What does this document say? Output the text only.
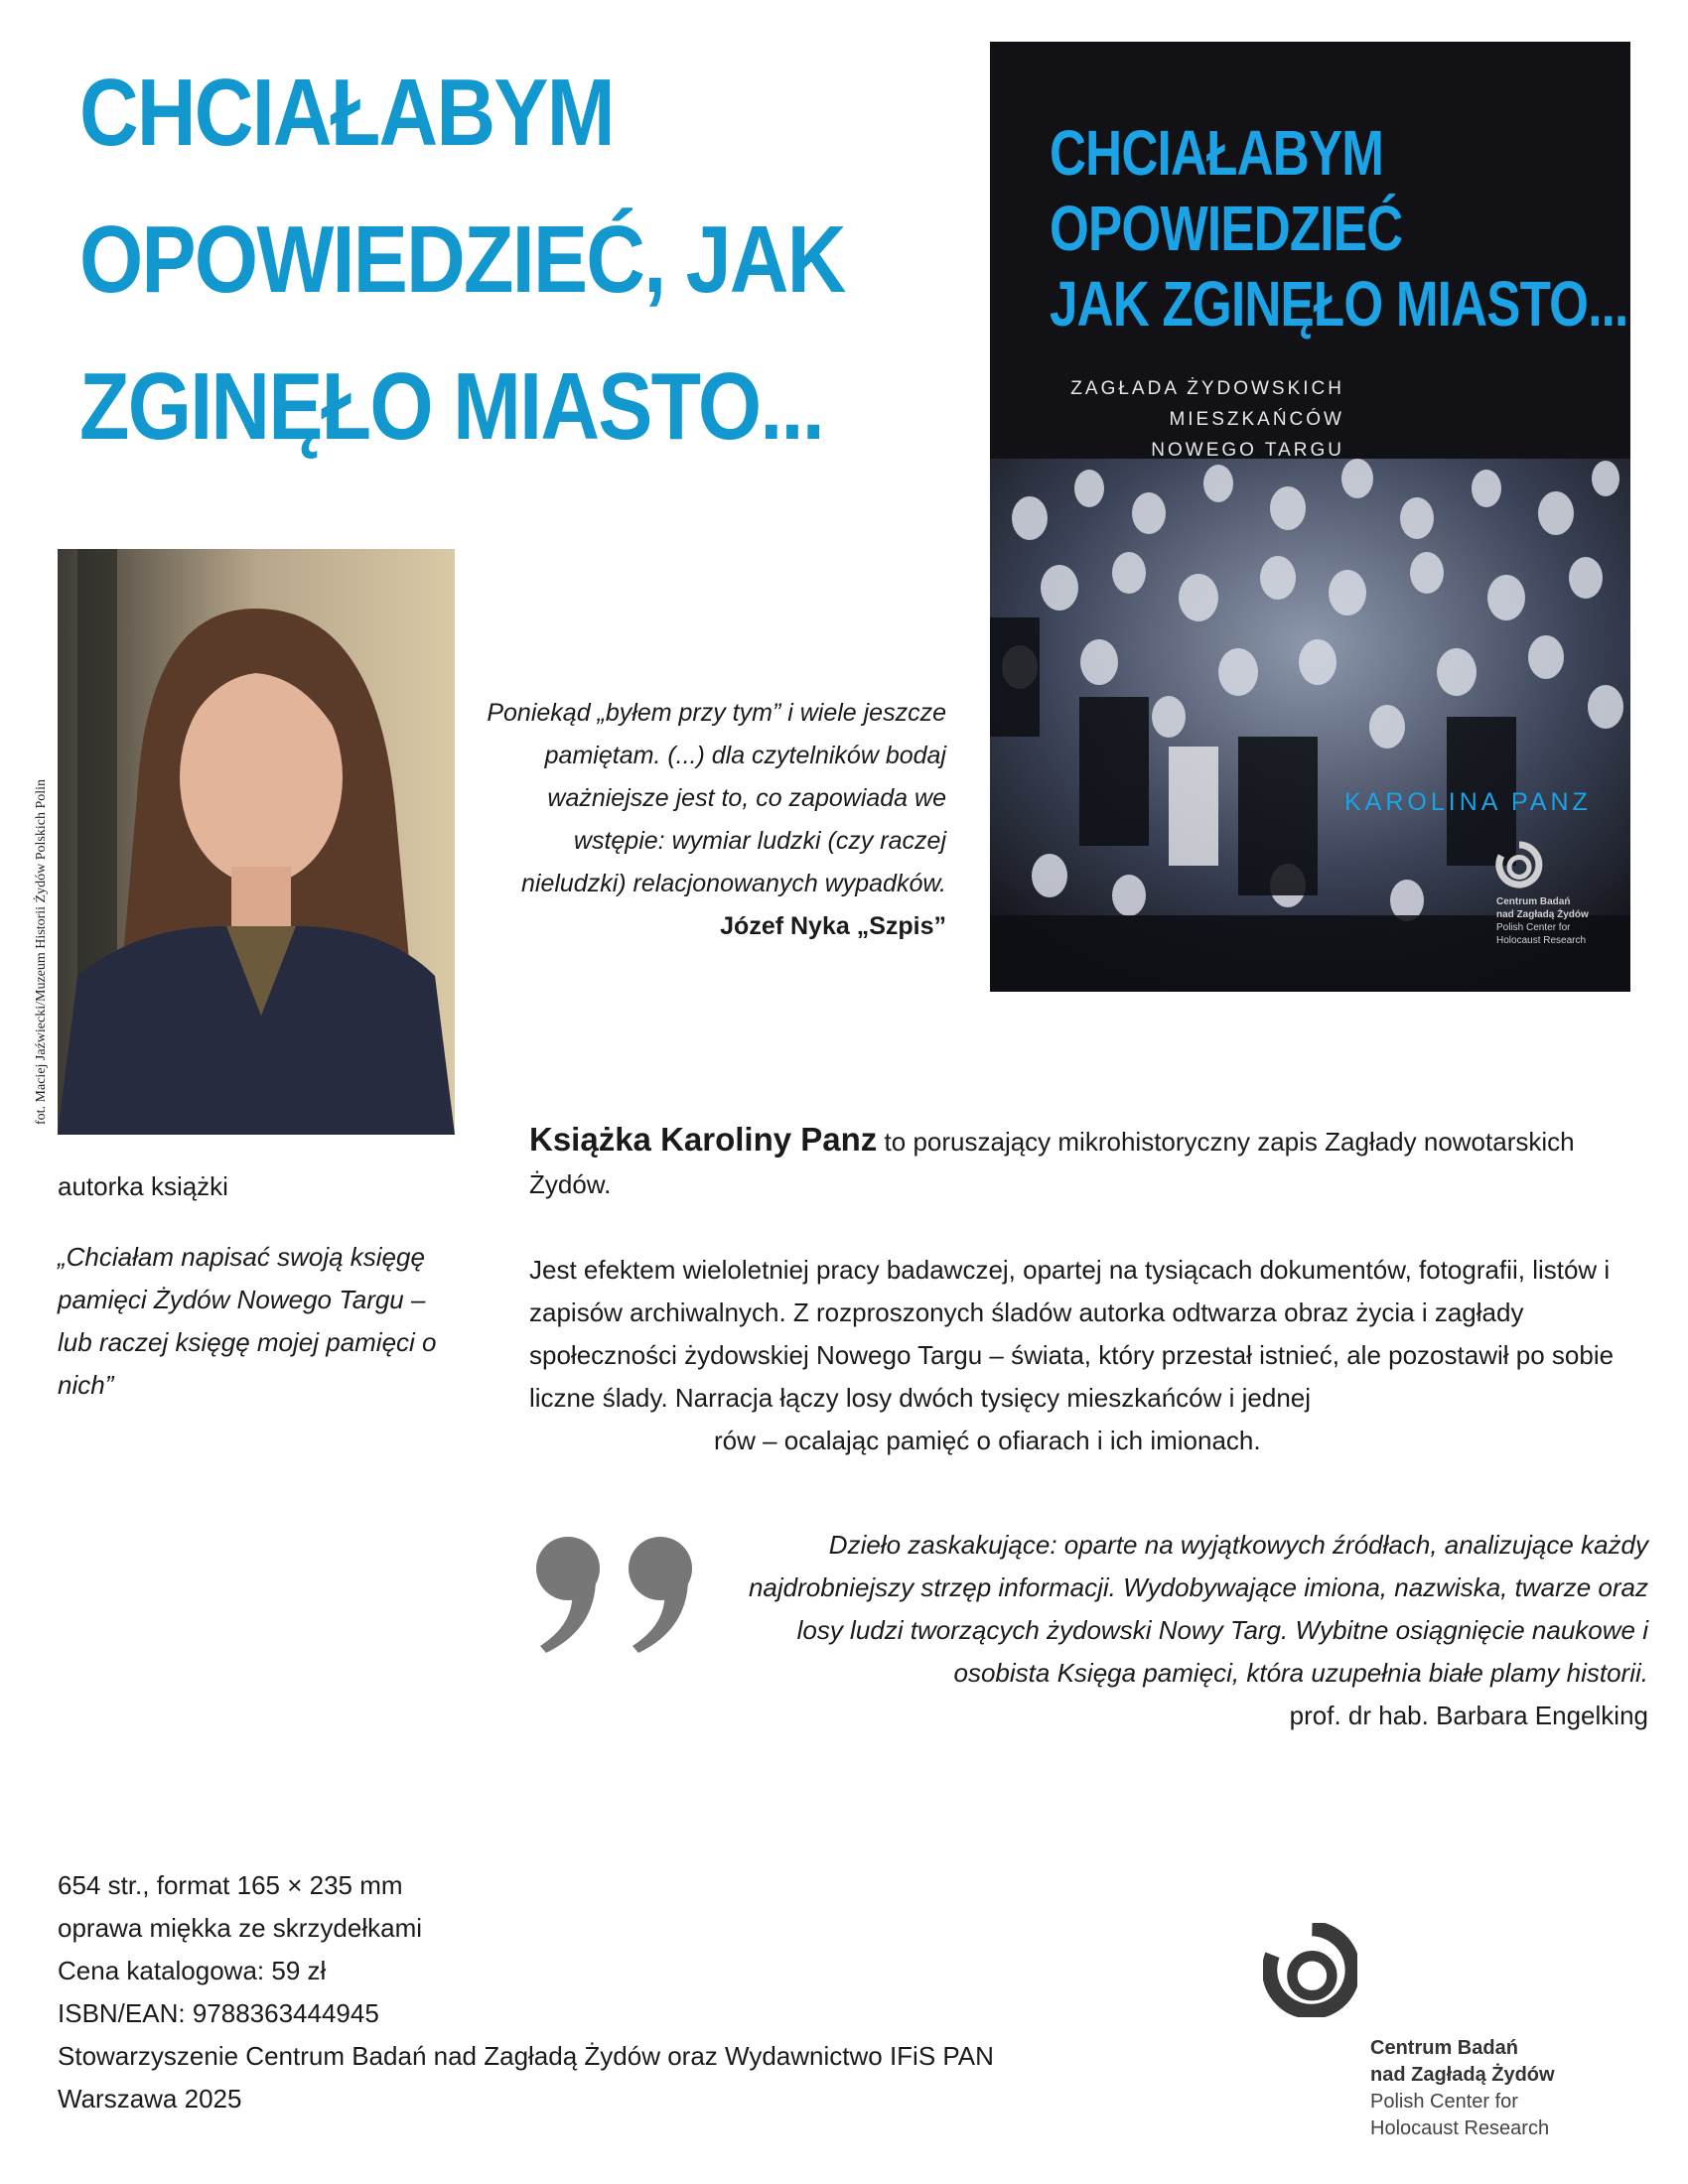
CHCIAŁABYM
OPOWIEDZIEĆ, JAK
ZGINĘŁO MIASTO...
CHCIAŁABYM
OPOWIEDZIEĆ
JAK ZGINĘŁO MIASTO...
ZAGŁADA ŻYDOWSKICH
MIESZKAŃCÓW
NOWEGO TARGU
KAROLINA PANZ
Centrum Badań
nad Zagładą Żydów
Polish Center for
Holocaust Research
fot. Maciej Jaźwiecki/Muzeum Historii Żydów Polskich Polin
autorka książki
„Chciałam napisać swoją księgę pamięci Żydów Nowego Targu – lub raczej księgę mojej pamięci o nich”
Poniekąd „byłem przy tym” i wiele jeszcze pamiętam. (...) dla czytelników bodaj ważniejsze jest to, co zapowiada we wstępie: wymiar ludzki (czy raczej nieludzki) relacjonowanych wypadków.
Józef Nyka „Szpis”
Książka Karoliny Panz to poruszający mikrohistoryczny zapis Zagłady nowotarskich Żydów.
Jest efektem wieloletniej pracy badawczej, opartej na tysiącach dokumentów, fotografii, listów i zapisów archiwalnych. Z rozproszonych śladów autorka odtwarza obraz życia i zagłady społeczności żydowskiej Nowego Targu – świata, który przestał istnieć, ale pozostawił po sobie liczne ślady. Narracja łączy losy dwóch tysięcy mieszkańców i jednej
rów – ocalając pamięć o ofiarach i ich imionach.
Dzieło zaskakujące: oparte na wyjątkowych źródłach, analizujące każdy najdrobniejszy strzęp informacji. Wydobywające imiona, nazwiska, twarze oraz losy ludzi tworzących żydowski Nowy Targ. Wybitne osiągnięcie naukowe i osobista Księga pamięci, która uzupełnia białe plamy historii.
prof. dr hab. Barbara Engelking
654 str., format 165 × 235 mm
oprawa miękka ze skrzydełkami
Cena katalogowa: 59 zł
ISBN/EAN: 9788363444945
Stowarzyszenie Centrum Badań nad Zagładą Żydów oraz Wydawnictwo IFiS PAN
Warszawa 2025
Centrum Badań
nad Zagładą Żydów
Polish Center for
Holocaust Research
